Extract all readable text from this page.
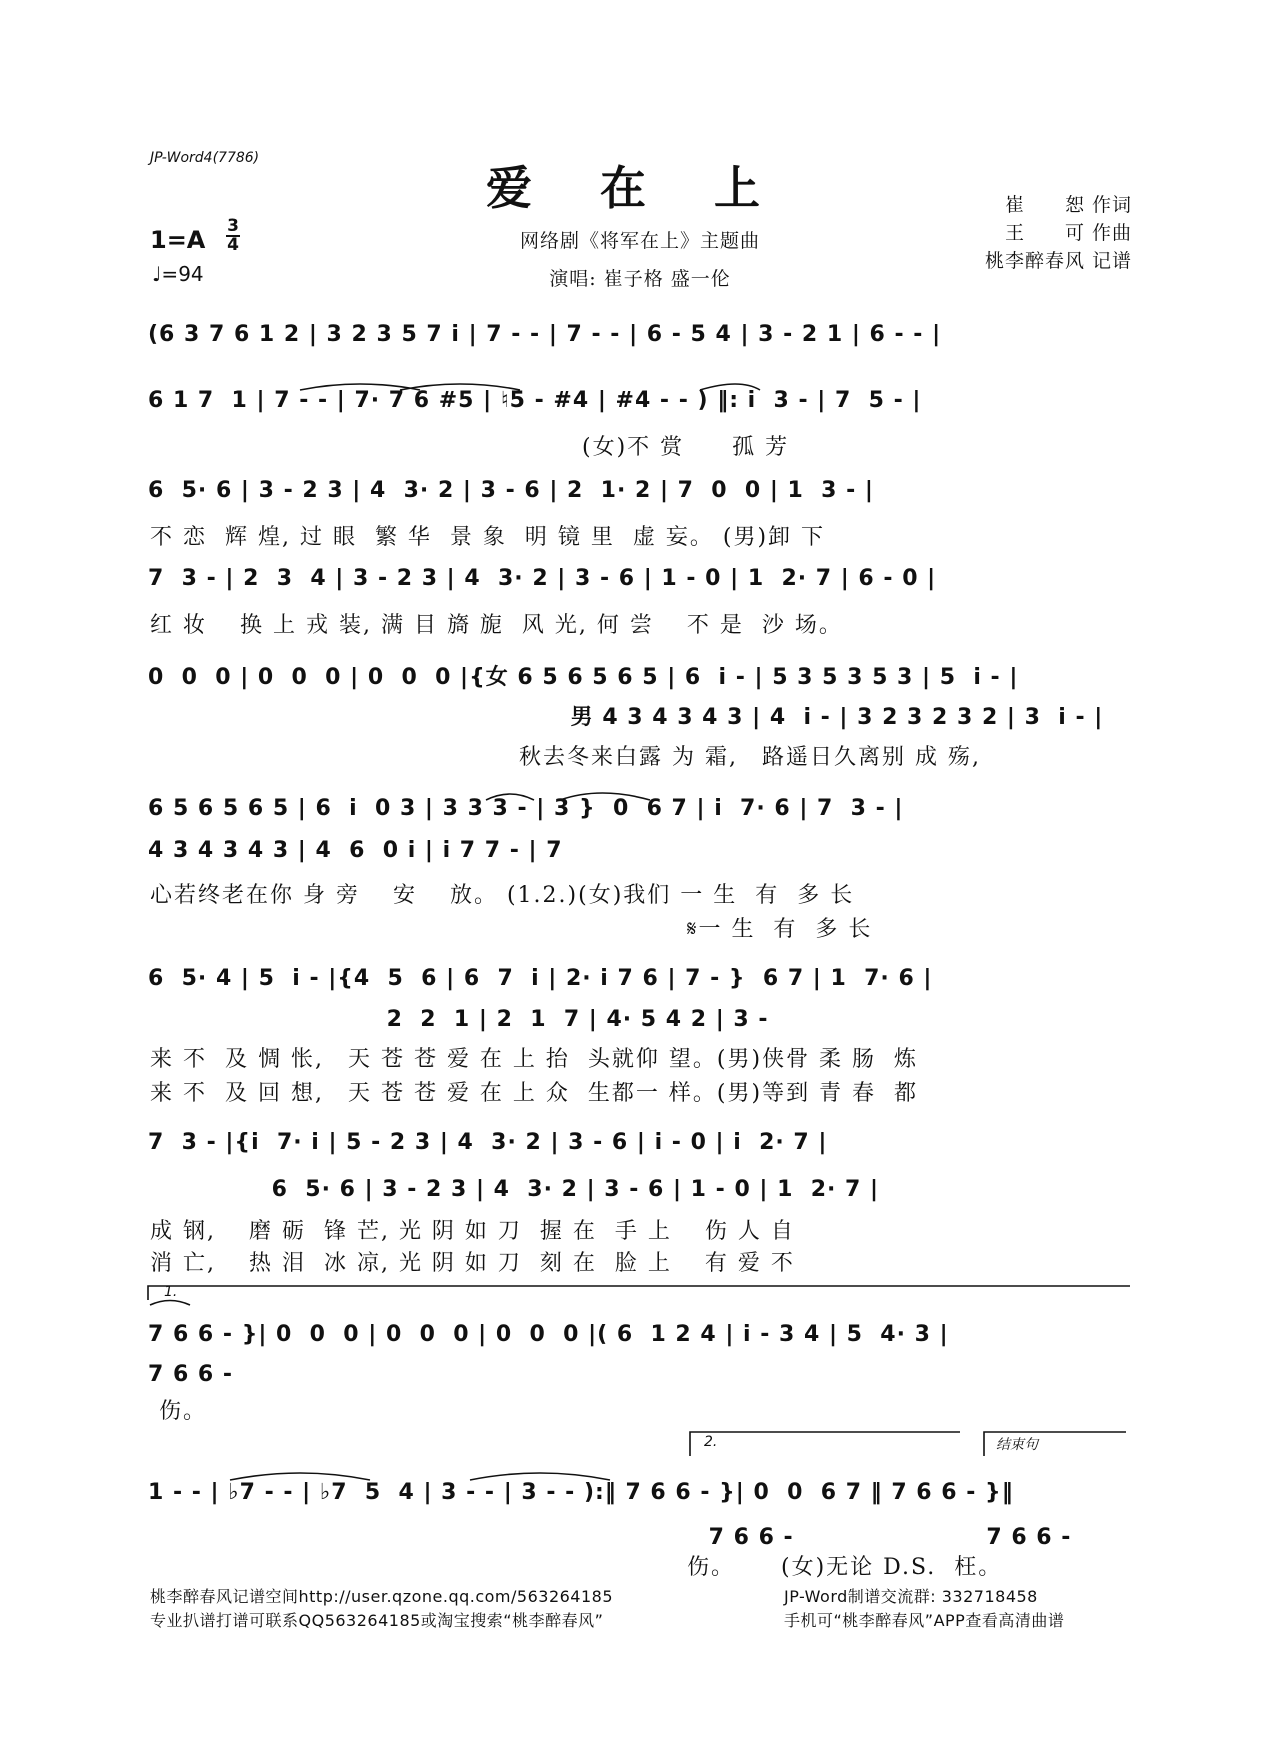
JP-Word4(7786)
爱 在 上
网络剧《将军在上》主题曲
演唱: 崔子格 盛一伦
崔　　恕 作词
王　　可 作曲
桃李醉春风 记谱
1=A 3
4
♩=94
(6 3 7 6 1 2 | 3 2 3 5 7 i | 7 - - | 7 - - | 6 - 5 4 | 3 - 2 1 | 6 - - |
6 1 7  1 | 7 - - | 7· 7 6 #5 | ♮5 - #4 | #4 - - ) ‖: i  3 - | 7  5 - |
　　　　　　　　　　　　　　　　　　(女)不 赏　　孤 芳
6  5· 6 | 3 - 2 3 | 4  3· 2 | 3 - 6 | 2  1· 2 | 7  0  0 | 1  3 - |
不 恋  辉 煌, 过 眼  繁 华  景 象  明 镜 里  虚 妄。 (男)卸 下
7  3 - | 2  3  4 | 3 - 2 3 | 4  3· 2 | 3 - 6 | 1 - 0 | 1  2· 7 | 6 - 0 |
红 妆　 换 上 戎 装, 满 目 旖 旎  风 光, 何 尝　 不 是  沙 场。
0  0  0 | 0  0  0 | 0  0  0 |{女 6 5 6 5 6 5 | 6  i - | 5 3 5 3 5 3 | 5  i - |
　　　　　　　　　　　　　　　　　　 男 4 3 4 3 4 3 | 4  i - | 3 2 3 2 3 2 | 3  i - |
　　　　　　　　　　　　　　　 秋去冬来白露 为 霜,　路遥日久离别 成 殇,
6 5 6 5 6 5 | 6  i  0 3 | 3 3 3 - | 3 }  0  6 7 | i  7· 6 | 7  3 - |
4 3 4 3 4 3 | 4  6  0 i | i 7 7 - | 7
心若终老在你 身 旁　 安　 放。 (1.2.)(女)我们 一 生  有  多 长
　　　　　　　　　　　　　　　　　　　　　　 𝄋一 生  有  多 长
6  5· 4 | 5  i - |{4  5  6 | 6  7  i | 2· i 7 6 | 7 - }  6 7 | 1  7· 6 |
　　　　　　　　　　 2  2  1 | 2  1  7 | 4· 5 4 2 | 3 -
来 不  及 惆 怅,　天 苍 苍 爱 在 上 抬  头就仰 望。(男)侠骨 柔 肠  炼
来 不  及 回 想,　天 苍 苍 爱 在 上 众  生都一 样。(男)等到 青 春  都
7  3 - |{i  7· i | 5 - 2 3 | 4  3· 2 | 3 - 6 | i - 0 | i  2· 7 |
　　　　　 6  5· 6 | 3 - 2 3 | 4  3· 2 | 3 - 6 | 1 - 0 | 1  2· 7 |
成 钢,　 磨 砺  锋 芒, 光 阴 如 刀  握 在  手 上　 伤 人 自
消 亡,　 热 泪  冰 凉, 光 阴 如 刀  刻 在  脸 上　 有 爱 不
1.
7 6 6 - }| 0  0  0 | 0  0  0 | 0  0  0 |( 6  1 2 4 | i - 3 4 | 5  4· 3 |
7 6 6 -
伤。
2.	结束句
1 - - | ♭7 - - | ♭7  5  4 | 3 - - | 3 - - ):‖ 7 6 6 - }| 0  0  6 7 ‖ 7 6 6 - }‖
　　　　　　　　　　　　　　　　　　　　　　　　 7 6 6 -　　　　　　　　 7 6 6 -
　　　　　　　　　　　　　　　　　　　　　　 伤。　　 (女)无论 D.S.  枉。
桃李醉春风记谱空间http://user.qzone.qq.com/563264185
专业扒谱打谱可联系QQ563264185或淘宝搜索“桃李醉春风”
JP-Word制谱交流群: 332718458
手机可“桃李醉春风”APP查看高清曲谱
